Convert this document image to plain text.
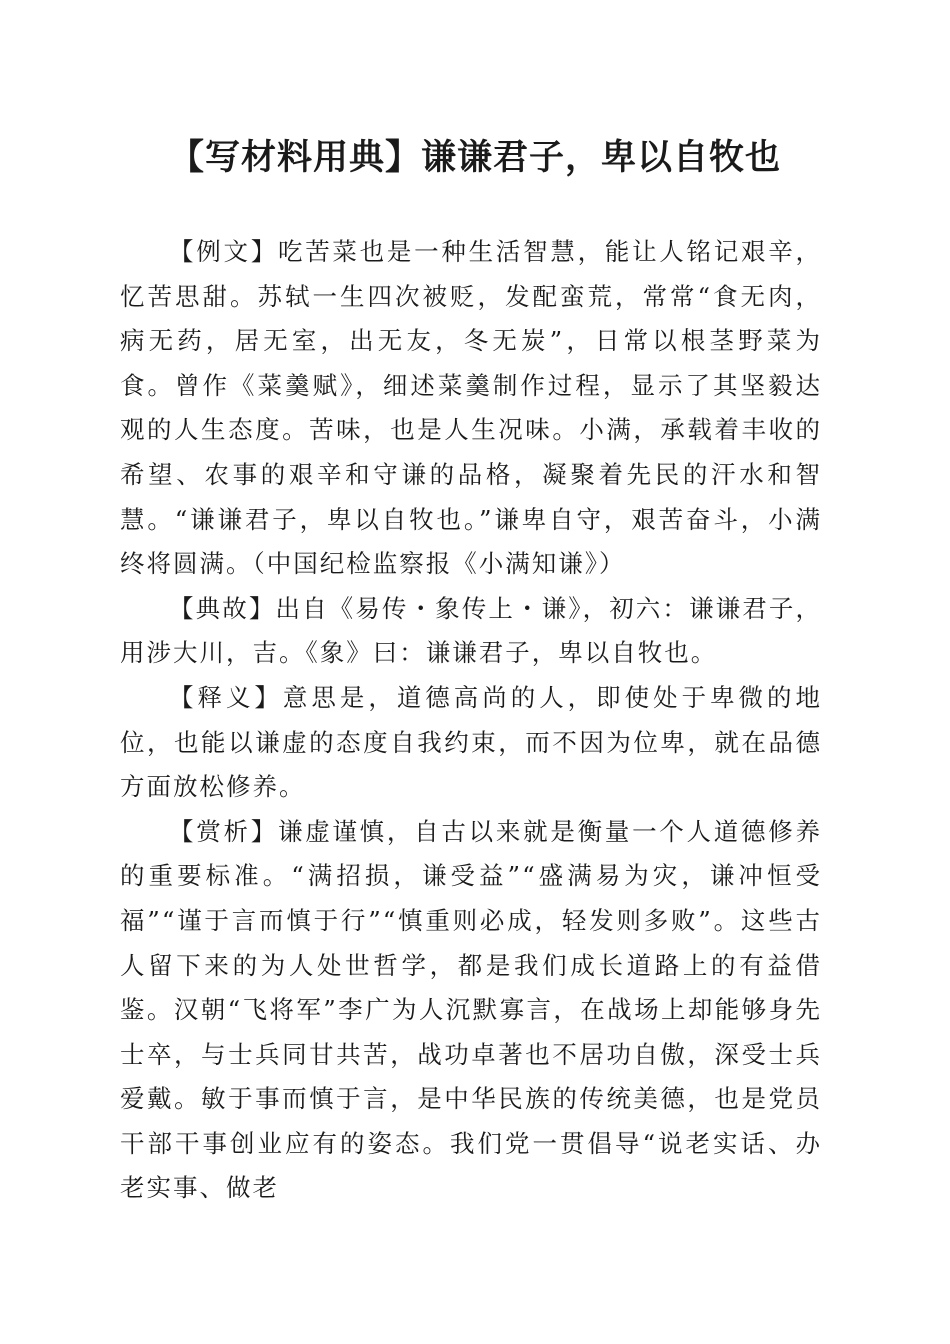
【写材料用典】谦谦君子，卑以自牧也

【例文】吃苦菜也是一种生活智慧，能让人铭记艰辛，忆苦思甜。苏轼一生四次被贬，发配蛮荒，常常“食无肉，病无药，居无室，出无友，冬无炭”，日常以根茎野菜为食。曾作《菜羹赋》，细述菜羹制作过程，显示了其坚毅达观的人生态度。苦味，也是人生况味。小满，承载着丰收的希望、农事的艰辛和守谦的品格，凝聚着先民的汗水和智慧。“谦谦君子，卑以自牧也。”谦卑自守，艰苦奋斗，小满终将圆满。（中国纪检监察报《小满知谦》）

【典故】出自《易传・象传上・谦》，初六：谦谦君子，用涉大川，吉。《象》曰：谦谦君子，卑以自牧也。

【释义】意思是，道德高尚的人，即使处于卑微的地位，也能以谦虚的态度自我约束，而不因为位卑，就在品德方面放松修养。

【赏析】谦虚谨慎，自古以来就是衡量一个人道德修养的重要标准。“满招损，谦受益”“盛满易为灾，谦冲恒受福”“谨于言而慎于行”“慎重则必成，轻发则多败”。这些古人留下来的为人处世哲学，都是我们成长道路上的有益借鉴。汉朝“飞将军”李广为人沉默寡言，在战场上却能够身先士卒，与士兵同甘共苦，战功卓著也不居功自傲，深受士兵爱戴。敏于事而慎于言，是中华民族的传统美德，也是党员干部干事创业应有的姿态。我们党一贯倡导“说老实话、办老实事、做老
